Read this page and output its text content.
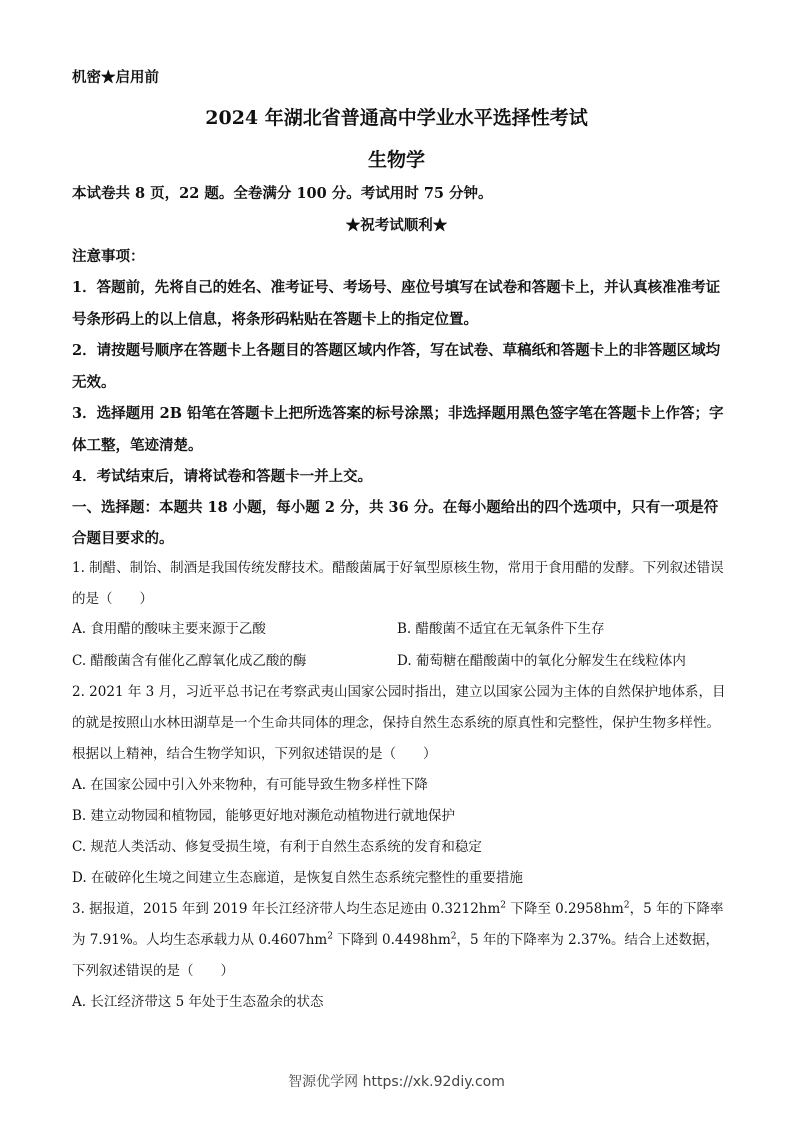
机密★启用前
2024 年湖北省普通高中学业水平选择性考试
生物学
本试卷共 8 页，22 题。全卷满分 100 分。考试用时 75 分钟。
★祝考试顺利★
注意事项：

1．答题前，先将自己的姓名、准考证号、考场号、座位号填写在试卷和答题卡上，并认真核准准考证号条形码上的以上信息，将条形码粘贴在答题卡上的指定位置。

2．请按题号顺序在答题卡上各题目的答题区域内作答，写在试卷、草稿纸和答题卡上的非答题区域均无效。

3．选择题用 2B 铅笔在答题卡上把所选答案的标号涂黑；非选择题用黑色签字笔在答题卡上作答；字体工整，笔迹清楚。

4．考试结束后，请将试卷和答题卡一并上交。

一、选择题：本题共 18 小题，每小题 2 分，共 36 分。在每小题给出的四个选项中，只有一项是符合题目要求的。

1. 制醋、制饴、制酒是我国传统发酵技术。醋酸菌属于好氧型原核生物，常用于食用醋的发酵。下列叙述错误的是（　　）

A. 食用醋的酸味主要来源于乙酸	B. 醋酸菌不适宜在无氧条件下生存
C. 醋酸菌含有催化乙醇氧化成乙酸的酶	D. 葡萄糖在醋酸菌中的氧化分解发生在线粒体内

2. 2021 年 3 月，习近平总书记在考察武夷山国家公园时指出，建立以国家公园为主体的自然保护地体系，目的就是按照山水林田湖草是一个生命共同体的理念，保持自然生态系统的原真性和完整性，保护生物多样性。根据以上精神，结合生物学知识，下列叙述错误的是（　　）

A. 在国家公园中引入外来物种，有可能导致生物多样性下降

B. 建立动物园和植物园，能够更好地对濒危动植物进行就地保护

C. 规范人类活动、修复受损生境，有利于自然生态系统的发育和稳定

D. 在破碎化生境之间建立生态廊道，是恢复自然生态系统完整性的重要措施

3. 据报道，2015 年到 2019 年长江经济带人均生态足迹由 $0.3212hm^2$ 下降至 $0.2958hm^2$，5 年的下降率为 7.91%。人均生态承载力从 $0.4607hm^2$ 下降到 $0.4498hm^2$，5 年的下降率为 2.37%。结合上述数据，下列叙述错误的是（　　）

A. 长江经济带这 5 年处于生态盈余的状态

智源优学网 https://xk.92diy.com
